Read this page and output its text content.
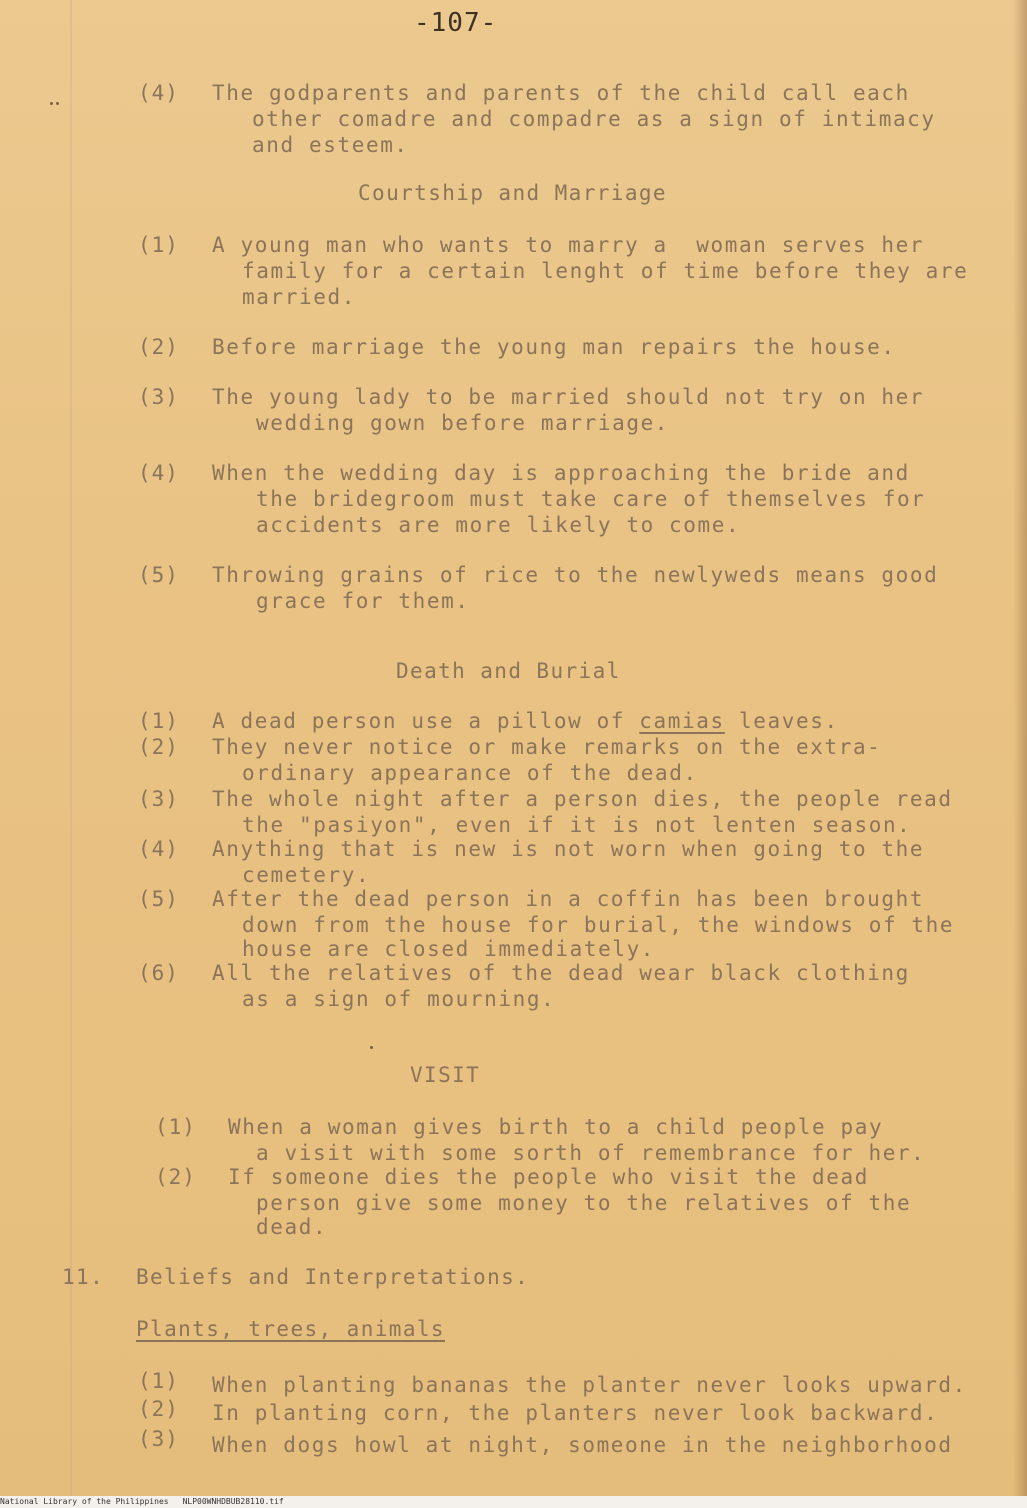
-107-
(4) The godparents and parents of the child call each
other comadre and compadre as a sign of intimacy
and esteem.
Courtship and Marriage
(1) A young man who wants to marry a  woman serves her
family for a certain lenght of time before they are
married.
(2) Before marriage the young man repairs the house.
(3) The young lady to be married should not try on her
wedding gown before marriage.
(4) When the wedding day is approaching the bride and
the bridegroom must take care of themselves for
accidents are more likely to come.
(5) Throwing grains of rice to the newlyweds means good
grace for them.
Death and Burial
(1) A dead person use a pillow of camias leaves.
(2) They never notice or make remarks on the extra-
ordinary appearance of the dead.
(3) The whole night after a person dies, the people read
the "pasiyon", even if it is not lenten season.
(4) Anything that is new is not worn when going to the
cemetery.
(5) After the dead person in a coffin has been brought
down from the house for burial, the windows of the
house are closed immediately.
(6) All the relatives of the dead wear black clothing
as a sign of mourning.
VISIT
(1) When a woman gives birth to a child people pay
a visit with some sorth of remembrance for her.
(2) If someone dies the people who visit the dead
person give some money to the relatives of the
dead.
11. Beliefs and Interpretations.
Plants, trees, animals
(1) When planting bananas the planter never looks upward.
(2) In planting corn, the planters never look backward.
(3) When dogs howl at night, someone in the neighborhood
National Library of the Philippines NLP00WNHDBUB28110.tif
